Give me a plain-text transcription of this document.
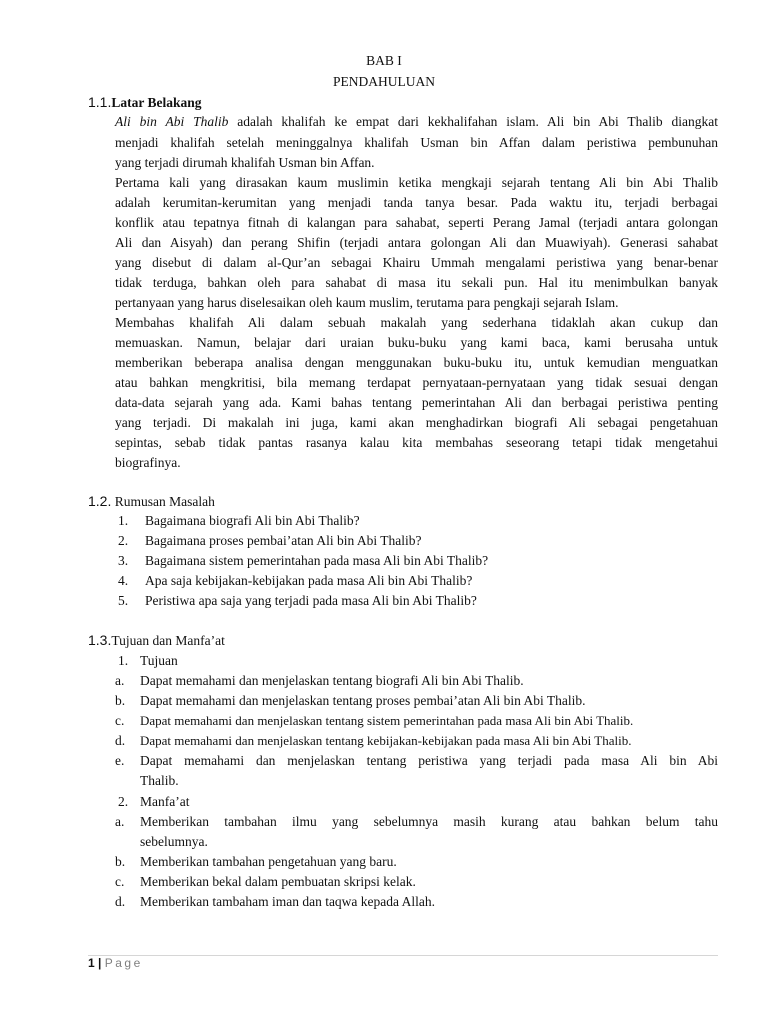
BAB I
PENDAHULUAN
1.1.Latar Belakang
Ali bin Abi Thalib adalah khalifah ke empat dari kekhalifahan islam. Ali bin Abi Thalib diangkat
menjadi khalifah setelah meninggalnya khalifah Usman bin Affan dalam peristiwa pembunuhan
yang terjadi dirumah khalifah Usman bin Affan.
Pertama kali yang dirasakan kaum muslimin ketika mengkaji sejarah tentang Ali bin Abi Thalib
adalah kerumitan-kerumitan yang menjadi tanda tanya besar. Pada waktu itu, terjadi berbagai
konflik atau tepatnya fitnah di kalangan para sahabat, seperti Perang Jamal (terjadi antara golongan
Ali dan Aisyah) dan perang Shifin (terjadi antara golongan Ali dan Muawiyah). Generasi sahabat
yang disebut di dalam al-Qur’an sebagai Khairu Ummah mengalami peristiwa yang benar-benar
tidak terduga, bahkan oleh para sahabat di masa itu sekali pun. Hal itu menimbulkan banyak
pertanyaan yang harus diselesaikan oleh kaum muslim, terutama para pengkaji sejarah Islam.
Membahas khalifah Ali dalam sebuah makalah yang sederhana tidaklah akan cukup dan
memuaskan. Namun, belajar dari uraian buku-buku yang kami baca, kami berusaha untuk
memberikan beberapa analisa dengan menggunakan buku-buku itu, untuk kemudian menguatkan
atau bahkan mengkritisi, bila memang terdapat pernyataan-pernyataan yang tidak sesuai dengan
data-data sejarah yang ada. Kami bahas tentang pemerintahan Ali dan berbagai peristiwa penting
yang terjadi. Di makalah ini juga, kami akan menghadirkan biografi Ali sebagai pengetahuan
sepintas, sebab tidak pantas rasanya kalau kita membahas seseorang tetapi tidak mengetahui
biografinya.
1.2. Rumusan Masalah
1. Bagaimana biografi Ali bin Abi Thalib?
2. Bagaimana proses pembai’atan Ali bin Abi Thalib?
3. Bagaimana sistem pemerintahan pada masa Ali bin Abi Thalib?
4. Apa saja kebijakan-kebijakan pada masa Ali bin Abi Thalib?
5. Peristiwa apa saja yang terjadi pada masa Ali bin Abi Thalib?
1.3.Tujuan dan Manfa’at
1. Tujuan
a. Dapat memahami dan menjelaskan tentang biografi Ali bin Abi Thalib.
b. Dapat memahami dan menjelaskan tentang proses pembai’atan Ali bin Abi Thalib.
c. Dapat memahami dan menjelaskan tentang sistem pemerintahan pada masa Ali bin Abi Thalib.
d. Dapat memahami dan menjelaskan tentang kebijakan-kebijakan pada masa Ali bin Abi Thalib.
e. Dapat memahami dan menjelaskan tentang peristiwa yang terjadi pada masa Ali bin Abi
Thalib.
2. Manfa’at
a. Memberikan tambahan ilmu yang sebelumnya masih kurang atau bahkan belum tahu
sebelumnya.
b. Memberikan tambahan pengetahuan yang baru.
c. Memberikan bekal dalam pembuatan skripsi kelak.
d. Memberikan tambaham iman dan taqwa kepada Allah.
1 | Page
